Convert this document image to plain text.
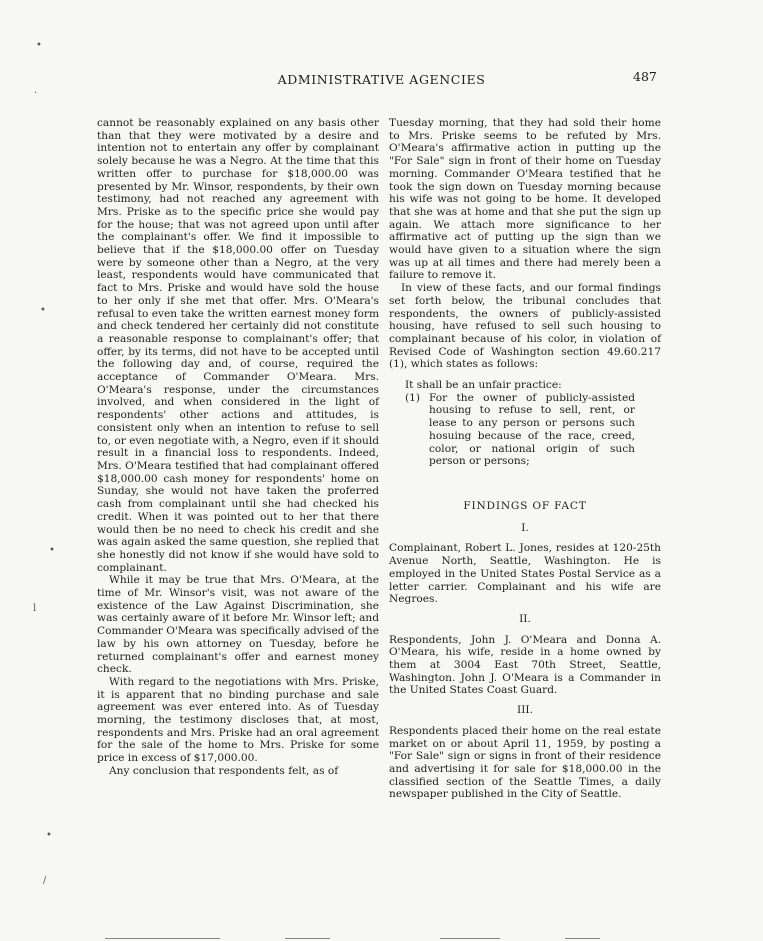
ADMINISTRATIVE AGENCIES	487

cannot be reasonably explained on any basis other than that they were motivated by a desire and intention not to entertain any offer by complainant solely because he was a Negro. At the time that this written offer to purchase for $18,000.00 was presented by Mr. Winsor, respondents, by their own testimony, had not reached any agreement with Mrs. Priske as to the specific price she would pay for the house; that was not agreed upon until after the complainant's offer. We find it impossible to believe that if the $18,000.00 offer on Tuesday were by someone other than a Negro, at the very least, respondents would have communicated that fact to Mrs. Priske and would have sold the house to her only if she met that offer. Mrs. O'Meara's refusal to even take the written earnest money form and check tendered her certainly did not constitute a reasonable response to complainant's offer; that offer, by its terms, did not have to be accepted until the following day and, of course, required the acceptance of Commander O'Meara. Mrs. O'Meara's response, under the circumstances involved, and when considered in the light of respondents' other actions and attitudes, is consistent only when an intention to refuse to sell to, or even negotiate with, a Negro, even if it should result in a financial loss to respondents. Indeed, Mrs. O'Meara testified that had complainant offered $18,000.00 cash money for respondents' home on Sunday, she would not have taken the proferred cash from complainant until she had checked his credit. When it was pointed out to her that there would then be no need to check his credit and she was again asked the same question, she replied that she honestly did not know if she would have sold to complainant.

While it may be true that Mrs. O'Meara, at the time of Mr. Winsor's visit, was not aware of the existence of the Law Against Discrimination, she was certainly aware of it before Mr. Winsor left; and Commander O'Meara was specifically advised of the law by his own attorney on Tuesday, before he returned complainant's offer and earnest money check.

With regard to the negotiations with Mrs. Priske, it is apparent that no binding purchase and sale agreement was ever entered into. As of Tuesday morning, the testimony discloses that, at most, respondents and Mrs. Priske had an oral agreement for the sale of the home to Mrs. Priske for some price in excess of $17,000.00.

Any conclusion that respondents felt, as of

Tuesday morning, that they had sold their home to Mrs. Priske seems to be refuted by Mrs. O'Meara's affirmative action in putting up the "For Sale" sign in front of their home on Tuesday morning. Commander O'Meara testified that he took the sign down on Tuesday morning because his wife was not going to be home. It developed that she was at home and that she put the sign up again. We attach more significance to her affirmative act of putting up the sign than we would have given to a situation where the sign was up at all times and there had merely been a failure to remove it.

In view of these facts, and our formal findings set forth below, the tribunal concludes that respondents, the owners of publicly-assisted housing, have refused to sell such housing to complainant because of his color, in violation of Revised Code of Washington section 49.60.217 (1), which states as follows:

It shall be an unfair practice:
(1) For the owner of publicly-assisted housing to refuse to sell, rent, or lease to any person or persons such hosuing because of the race, creed, color, or national origin of such person or persons;
FINDINGS OF FACT
I.

Complainant, Robert L. Jones, resides at 120-25th Avenue North, Seattle, Washington. He is employed in the United States Postal Service as a letter carrier. Complainant and his wife are Negroes.

II.

Respondents, John J. O'Meara and Donna A. O'Meara, his wife, reside in a home owned by them at 3004 East 70th Street, Seattle, Washington. John J. O'Meara is a Commander in the United States Coast Guard.

III.

Respondents placed their home on the real estate market on or about April 11, 1959, by posting a "For Sale" sign or signs in front of their residence and advertising it for sale for $18,000.00 in the classified section of the Seattle Times, a daily newspaper published in the City of Seattle.

•
‧
•
•
ⅼ
•
∕
